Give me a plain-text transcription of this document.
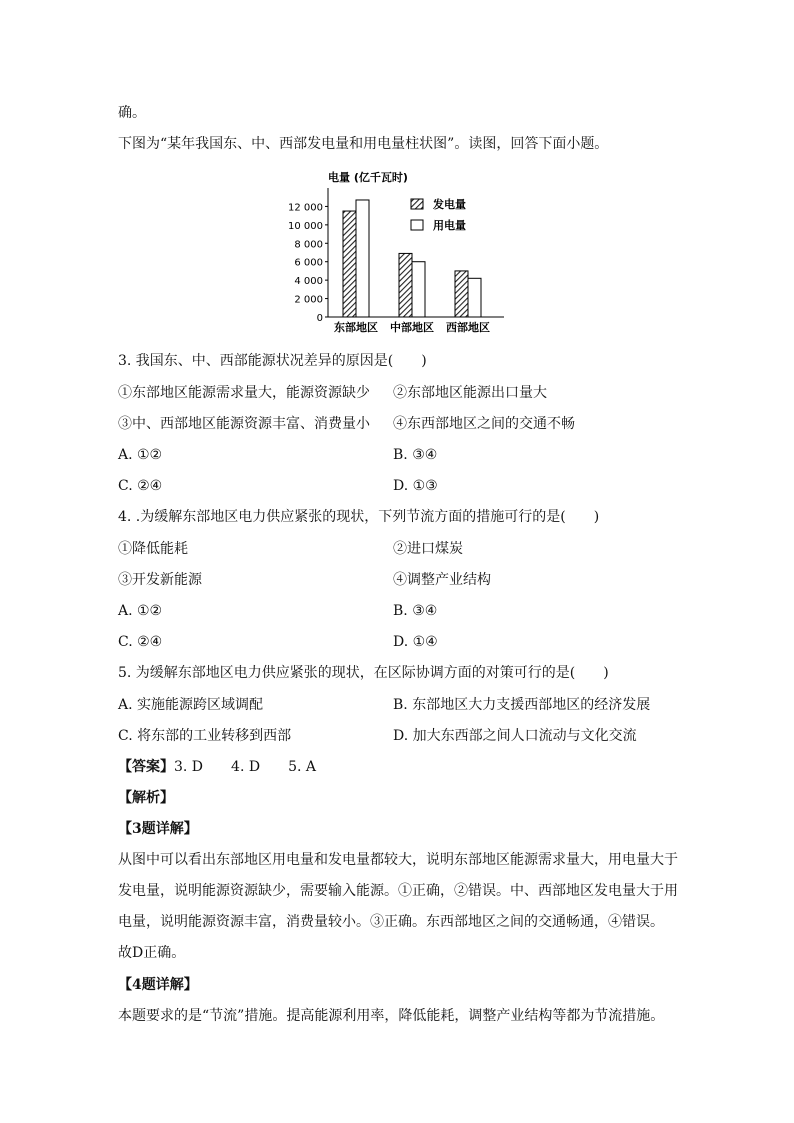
确。
下图为“某年我国东、中、西部发电量和用电量柱状图”。读图，回答下面小题。
电量 (亿千瓦时)
0
2 000
4 000
6 000
8 000
10 000
12 000
东部地区 中部地区 西部地区
发电量
用电量
3. 我国东、中、西部能源状况差异的原因是(　　)
①东部地区能源需求量大，能源资源缺少 ②东部地区能源出口量大
③中、西部地区能源资源丰富、消费量小 ④东西部地区之间的交通不畅
A. ①②	B. ③④
C. ②④	D. ①③
4. .为缓解东部地区电力供应紧张的现状，下列节流方面的措施可行的是(　　)
①降低能耗	②进口煤炭
③开发新能源	④调整产业结构
A. ①②	B. ③④
C. ②④	D. ①④
5. 为缓解东部地区电力供应紧张的现状，在区际协调方面的对策可行的是(　　)
A. 实施能源跨区域调配	B. 东部地区大力支援西部地区的经济发展
C. 将东部的工业转移到西部	D. 加大东西部之间人口流动与文化交流
【答案】3. D　　4. D　　5. A
【解析】
【3题详解】
从图中可以看出东部地区用电量和发电量都较大，说明东部地区能源需求量大，用电量大于
发电量，说明能源资源缺少，需要输入能源。①正确，②错误。中、西部地区发电量大于用
电量，说明能源资源丰富，消费量较小。③正确。东西部地区之间的交通畅通，④错误。
故D正确。
【4题详解】
本题要求的是“节流”措施。提高能源利用率，降低能耗，调整产业结构等都为节流措施。
